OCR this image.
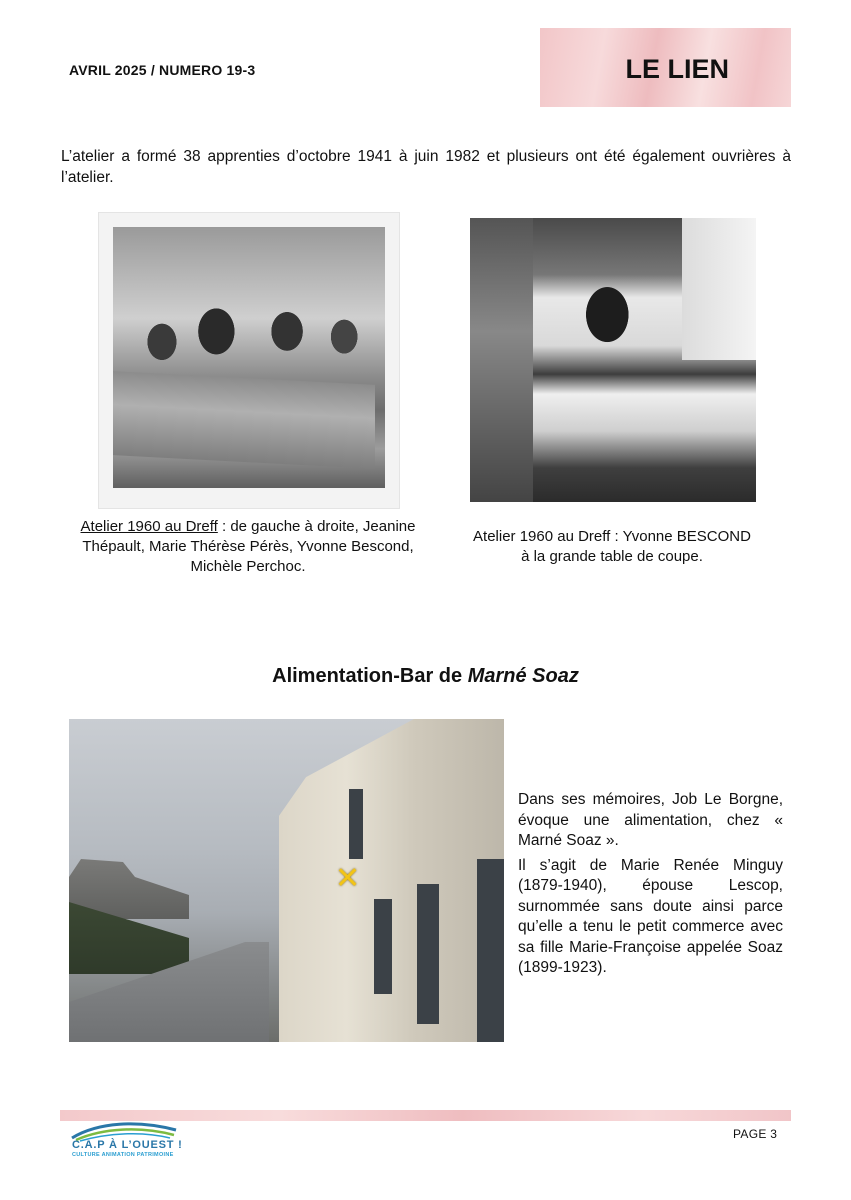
AVRIL 2025 / NUMERO 19-3	LE LIEN
L’atelier a formé 38 apprenties d’octobre 1941 à juin 1982 et plusieurs ont été également ouvrières à l’atelier.
Atelier 1960 au Dreff : de gauche à droite, Jeanine Thépault, Marie Thérèse Pérès, Yvonne Bescond, Michèle Perchoc.
Atelier 1960 au Dreff : Yvonne BESCOND
à la grande table de coupe.
Alimentation-Bar de Marné Soaz
✕

Dans ses mémoires, Job Le Borgne, évoque une alimentation, chez « Marné Soaz ».

Il s’agit de Marie Renée Minguy (1879-1940), épouse Lescop, surnommée sans doute ainsi parce qu’elle a tenu le petit commerce avec sa fille Marie-Françoise appelée Soaz (1899-1923).

C.A.P À L’OUEST !
CULTURE ANIMATION PATRIMOINE
PAGE 3
